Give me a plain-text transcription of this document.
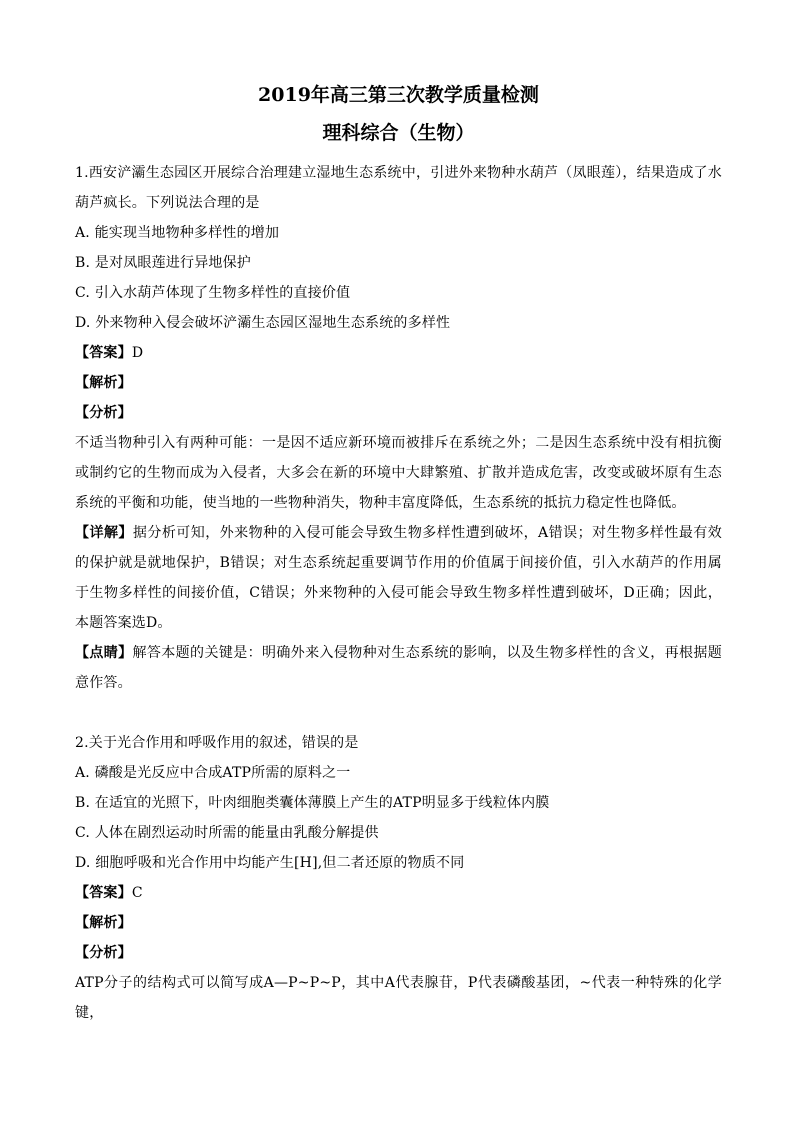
2019年高三第三次教学质量检测
理科综合（生物）

1.西安浐灞生态园区开展综合治理建立湿地生态系统中，引进外来物种水葫芦（凤眼莲），结果造成了水葫芦疯长。下列说法合理的是

A. 能实现当地物种多样性的增加

B. 是对凤眼莲进行异地保护

C. 引入水葫芦体现了生物多样性的直接价值

D. 外来物种入侵会破坏浐灞生态园区湿地生态系统的多样性

【答案】D

【解析】

【分析】

不适当物种引入有两种可能：一是因不适应新环境而被排斥在系统之外；二是因生态系统中没有相抗衡或制约它的生物而成为入侵者，大多会在新的环境中大肆繁殖、扩散并造成危害，改变或破坏原有生态系统的平衡和功能，使当地的一些物种消失，物种丰富度降低，生态系统的抵抗力稳定性也降低。

【详解】据分析可知，外来物种的入侵可能会导致生物多样性遭到破坏，A错误；对生物多样性最有效的保护就是就地保护，B错误；对生态系统起重要调节作用的价值属于间接价值，引入水葫芦的作用属于生物多样性的间接价值，C错误；外来物种的入侵可能会导致生物多样性遭到破坏，D正确；因此，本题答案选D。

【点睛】解答本题的关键是：明确外来入侵物种对生态系统的影响，以及生物多样性的含义，再根据题意作答。

2.关于光合作用和呼吸作用的叙述，错误的是

A. 磷酸是光反应中合成ATP所需的原料之一

B. 在适宜的光照下，叶肉细胞类囊体薄膜上产生的ATP明显多于线粒体内膜

C. 人体在剧烈运动时所需的能量由乳酸分解提供

D. 细胞呼吸和光合作用中均能产生[H],但二者还原的物质不同

【答案】C

【解析】

【分析】

ATP分子的结构式可以简写成A—P~P~P，其中A代表腺苷，P代表磷酸基团，~代表一种特殊的化学键，
